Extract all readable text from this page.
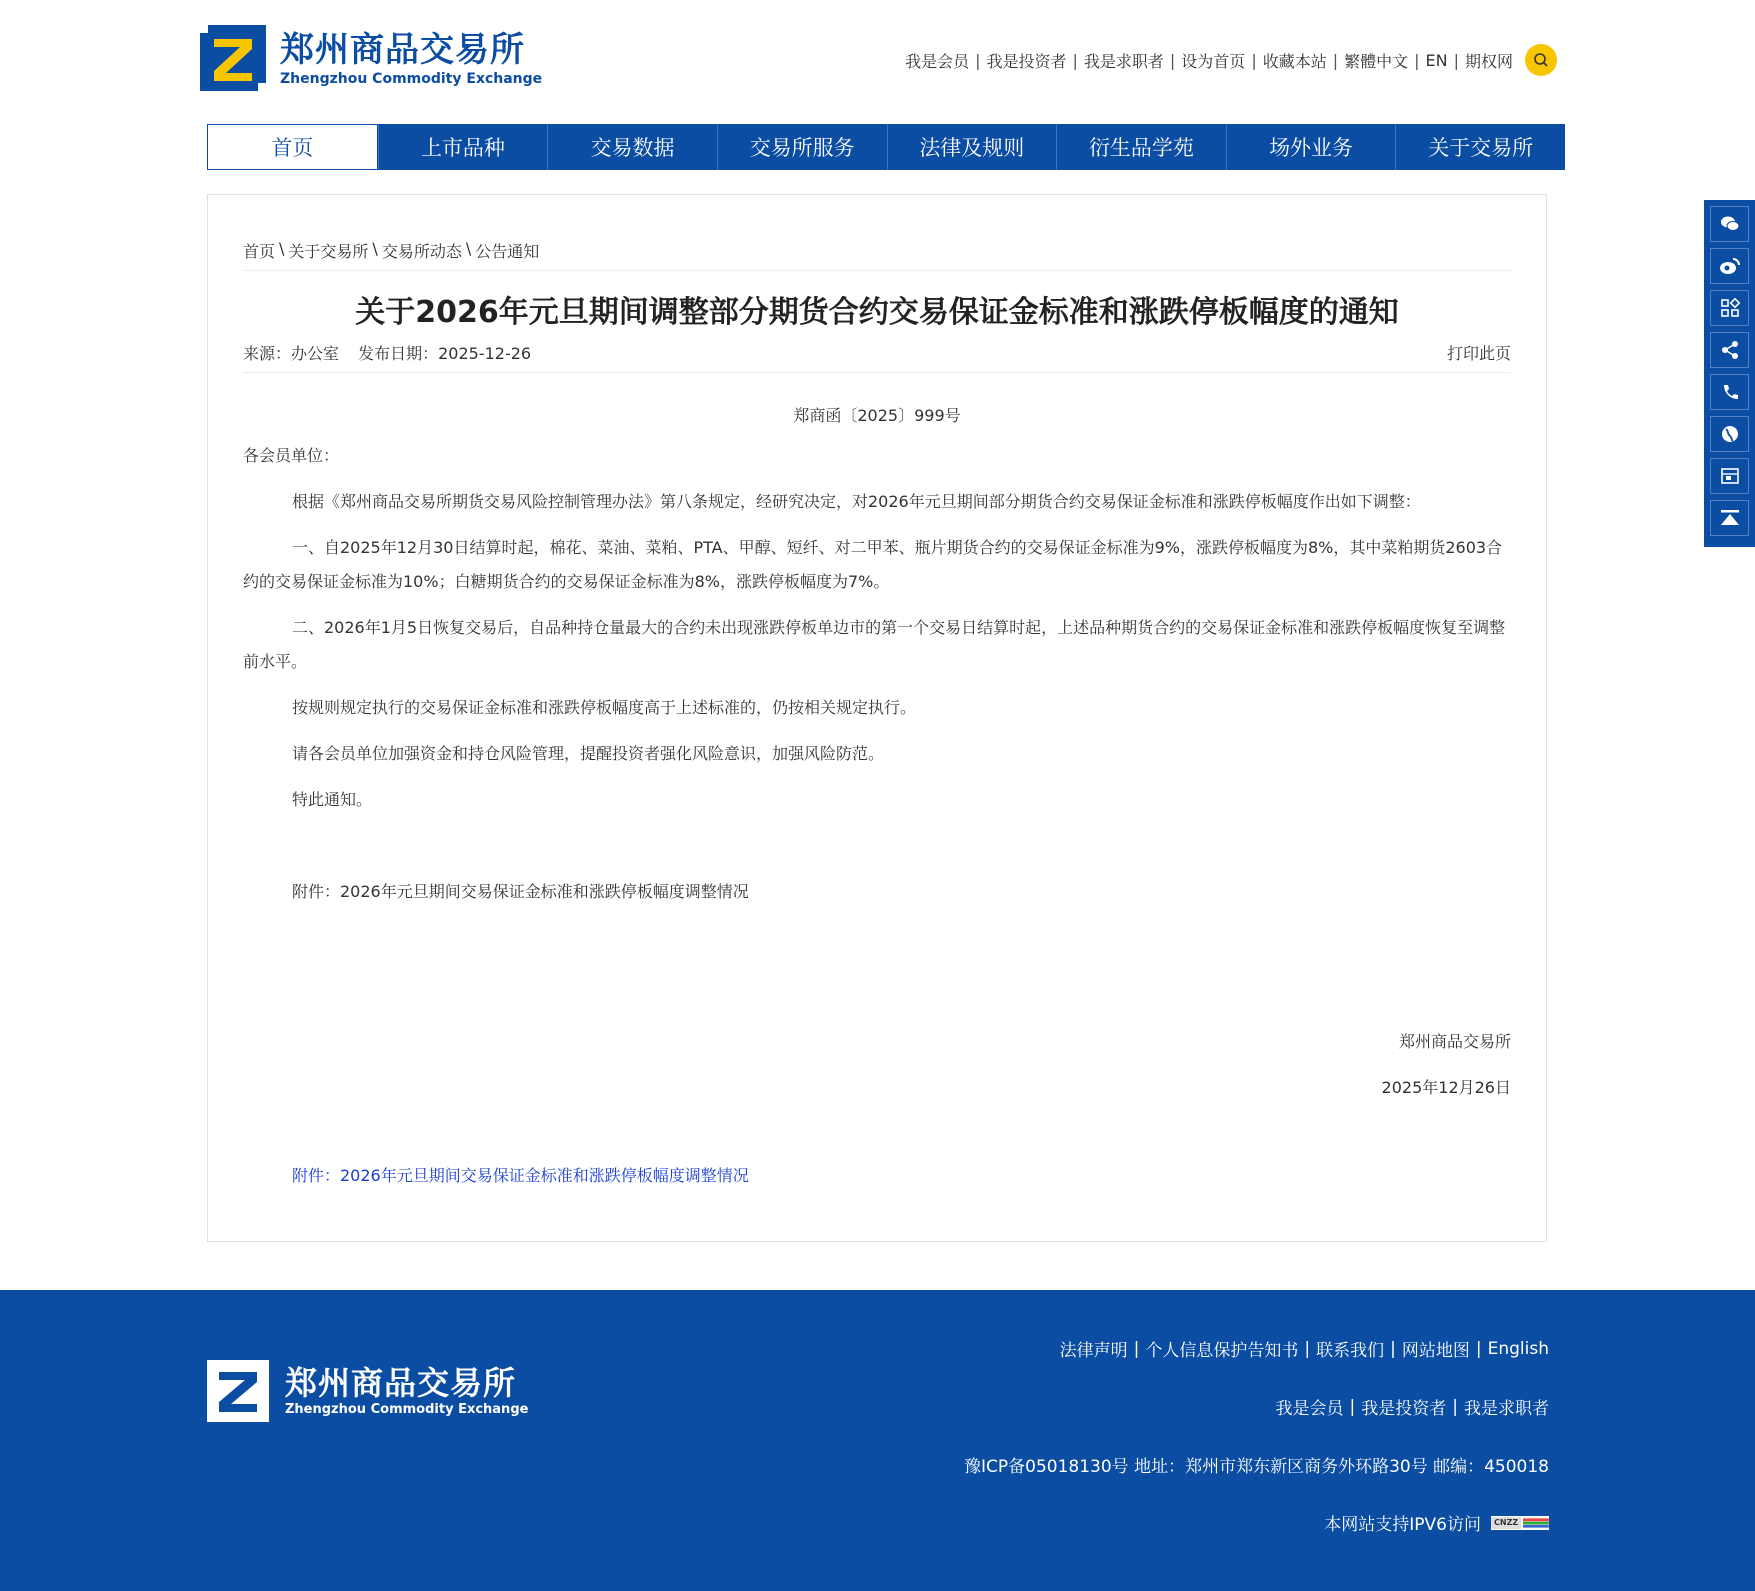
郑州商品交易所
Zhengzhou Commodity Exchange
我是会员 | 我是投资者 | 我是求职者 | 设为首页 | 收藏本站 | 繁體中文 | EN | 期权网
首页	上市品种	交易数据	交易所服务	法律及规则	衍生品学苑	场外业务	关于交易所
首页 \ 关于交易所 \ 交易所动态 \ 公告通知
关于2026年元旦期间调整部分期货合约交易保证金标准和涨跌停板幅度的通知
来源：办公室 发布日期：2025-12-26	打印此页
郑商函〔2025〕999号

各会员单位：

根据《郑州商品交易所期货交易风险控制管理办法》第八条规定，经研究决定，对2026年元旦期间部分期货合约交易保证金标准和涨跌停板幅度作出如下调整：

一、自2025年12月30日结算时起，棉花、菜油、菜粕、PTA、甲醇、短纤、对二甲苯、瓶片期货合约的交易保证金标准为9%，涨跌停板幅度为8%，其中菜粕期货2603合约的交易保证金标准为10%；白糖期货合约的交易保证金标准为8%，涨跌停板幅度为7%。

二、2026年1月5日恢复交易后，自品种持仓量最大的合约未出现涨跌停板单边市的第一个交易日结算时起，上述品种期货合约的交易保证金标准和涨跌停板幅度恢复至调整前水平。

按规则规定执行的交易保证金标准和涨跌停板幅度高于上述标准的，仍按相关规定执行。

请各会员单位加强资金和持仓风险管理，提醒投资者强化风险意识，加强风险防范。

特此通知。

附件：2026年元旦期间交易保证金标准和涨跌停板幅度调整情况

郑州商品交易所
2025年12月26日
附件：2026年元旦期间交易保证金标准和涨跌停板幅度调整情况
郑州商品交易所
Zhengzhou Commodity Exchange
法律声明 | 个人信息保护告知书 | 联系我们 | 网站地图 | English
我是会员 | 我是投资者 | 我是求职者
豫ICP备05018130号 地址：郑州市郑东新区商务外环路30号 邮编：450018
本网站支持IPV6访问	CNZZ
